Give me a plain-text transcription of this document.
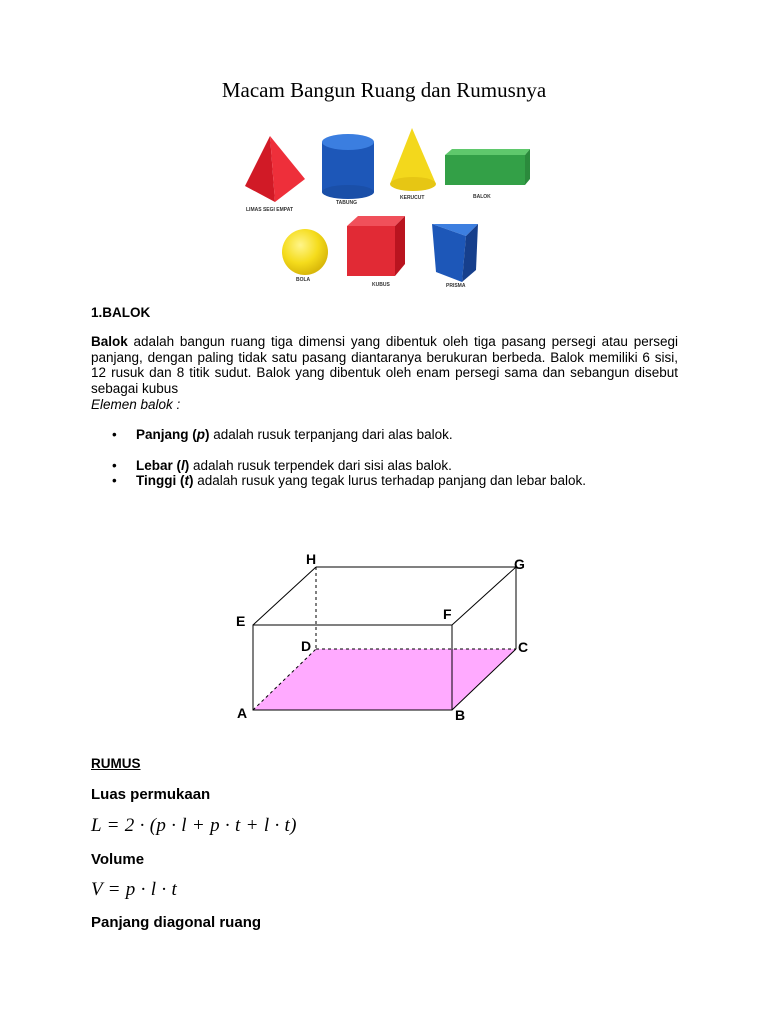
Macam Bangun Ruang dan Rumusnya
LIMAS SEGI EMPAT
TABUNG
KERUCUT	BALOK
BOLA
KUBUS	PRISMA
1.BALOK
Balok adalah bangun ruang tiga dimensi yang dibentuk oleh tiga pasang persegi atau persegi panjang, dengan paling tidak satu pasang diantaranya berukuran berbeda. Balok memiliki 6 sisi, 12 rusuk dan 8 titik sudut. Balok yang dibentuk oleh enam persegi sama dan sebangun disebut sebagai kubus
Elemen balok :
• Panjang (p) adalah rusuk terpanjang dari alas balok.
• Lebar (l) adalah rusuk terpendek dari sisi alas balok.
• Tinggi (t) adalah rusuk yang tegak lurus terhadap panjang dan lebar balok.
A	B
C
D
E	F
G
H
RUMUS
Luas permukaan
L = 2 · (p · l + p · t + l · t)
Volume
V = p · l · t
Panjang diagonal ruang
